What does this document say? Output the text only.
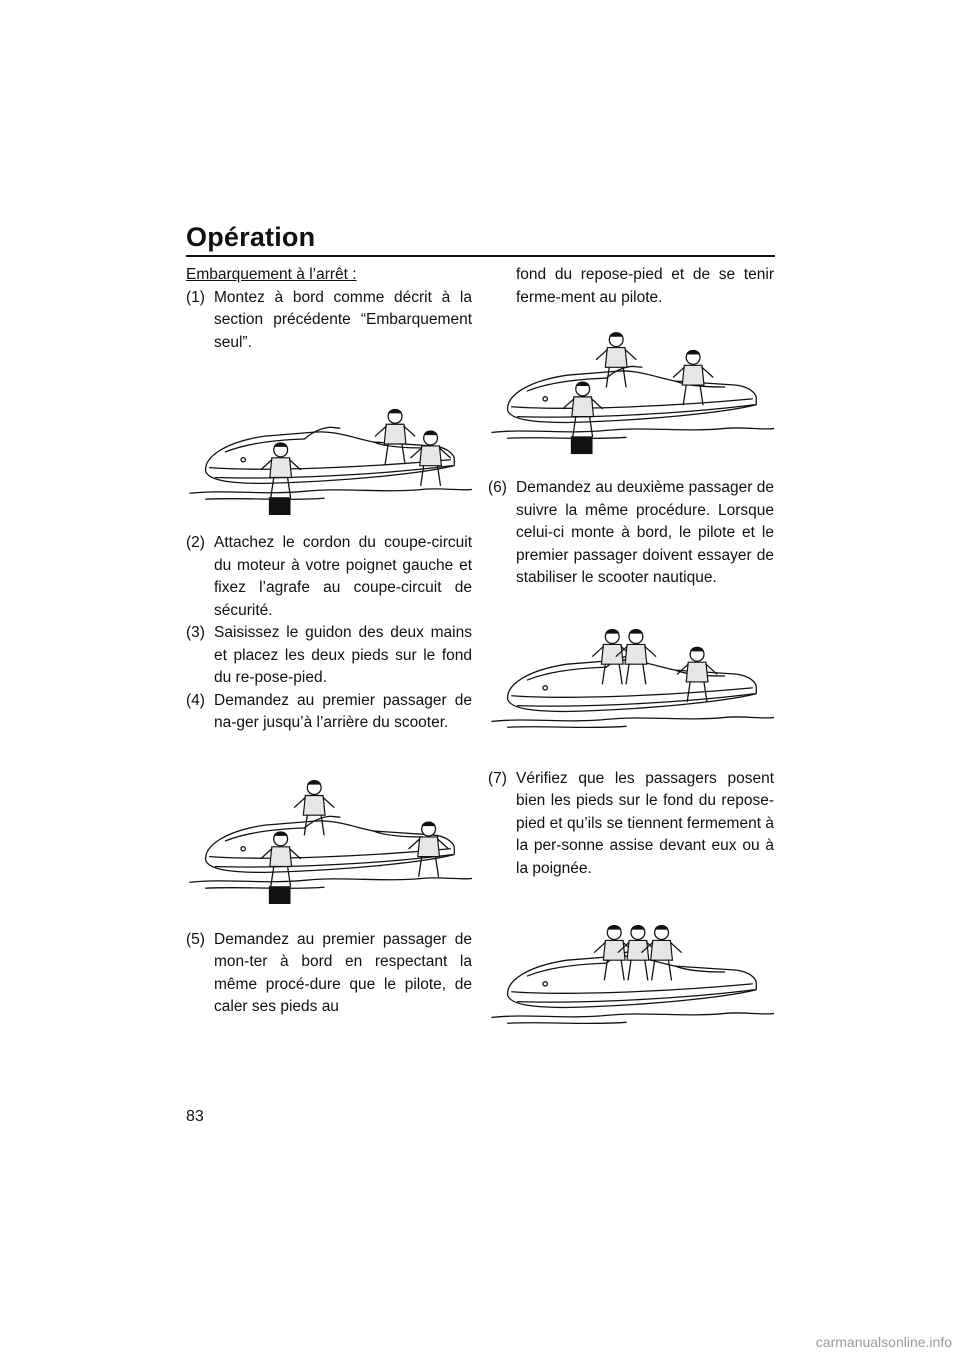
Opération

Embarquement à l’arrêt :

(1) Montez à bord comme décrit à la section précédente “Embarquement seul”.
(2) Attachez le cordon du coupe-circuit du moteur à votre poignet gauche et fixez l’agrafe au coupe-circuit de sécurité.
(3) Saisissez le guidon des deux mains et placez les deux pieds sur le fond du re-pose-pied.
(4) Demandez au premier passager de na-ger jusqu’à l’arrière du scooter.
(5) Demandez au premier passager de mon-ter à bord en respectant la même procé-dure que le pilote, de caler ses pieds au

fond du repose-pied et de se tenir ferme-ment au pilote.

(6) Demandez au deuxième passager de suivre la même procédure. Lorsque celui-ci monte à bord, le pilote et le premier passager doivent essayer de stabiliser le scooter nautique.
(7) Vérifiez que les passagers posent bien les pieds sur le fond du repose-pied et qu’ils se tiennent fermement à la per-sonne assise devant eux ou à la poignée.
83
carmanualsonline.info
